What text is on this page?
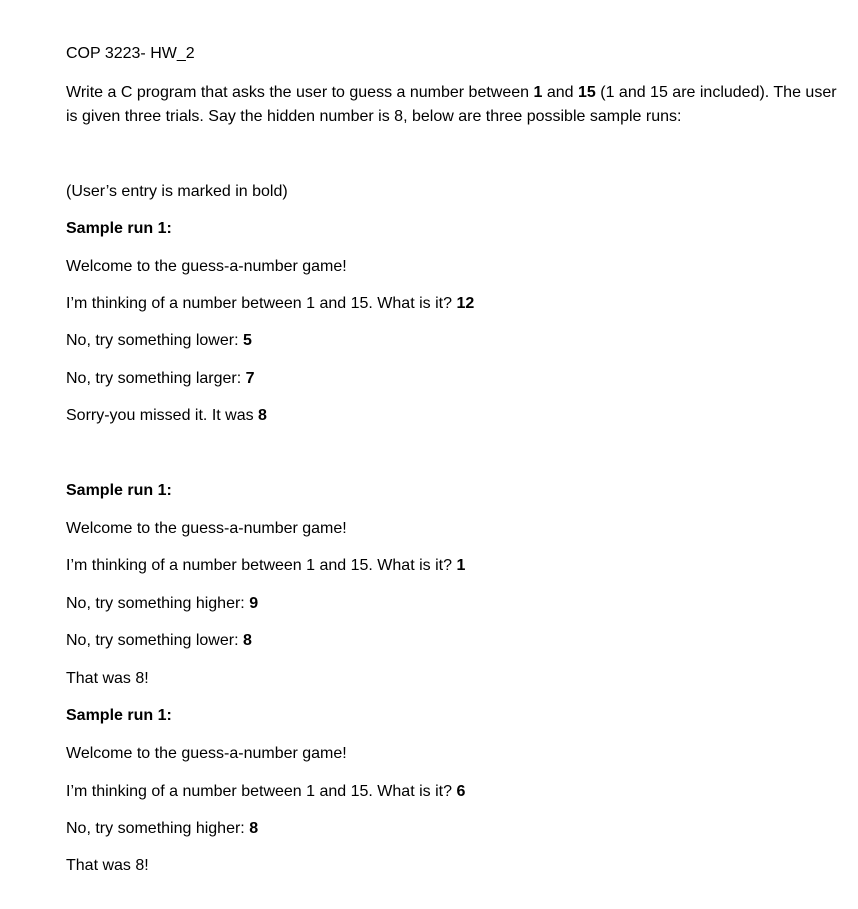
COP 3223- HW_2
Write a C program that asks the user to guess a number between 1 and 15 (1 and 15 are included). The user is given three trials. Say the hidden number is 8, below are three possible sample runs:
(User’s entry is marked in bold)
Sample run 1:
Welcome to the guess-a-number game!
I’m thinking of a number between 1 and 15. What is it? 12
No, try something lower: 5
No, try something larger: 7
Sorry-you missed it. It was 8
Sample run 1:
Welcome to the guess-a-number game!
I’m thinking of a number between 1 and 15. What is it? 1
No, try something higher: 9
No, try something lower: 8
That was 8!
Sample run 1:
Welcome to the guess-a-number game!
I’m thinking of a number between 1 and 15. What is it? 6
No, try something higher: 8
That was 8!
